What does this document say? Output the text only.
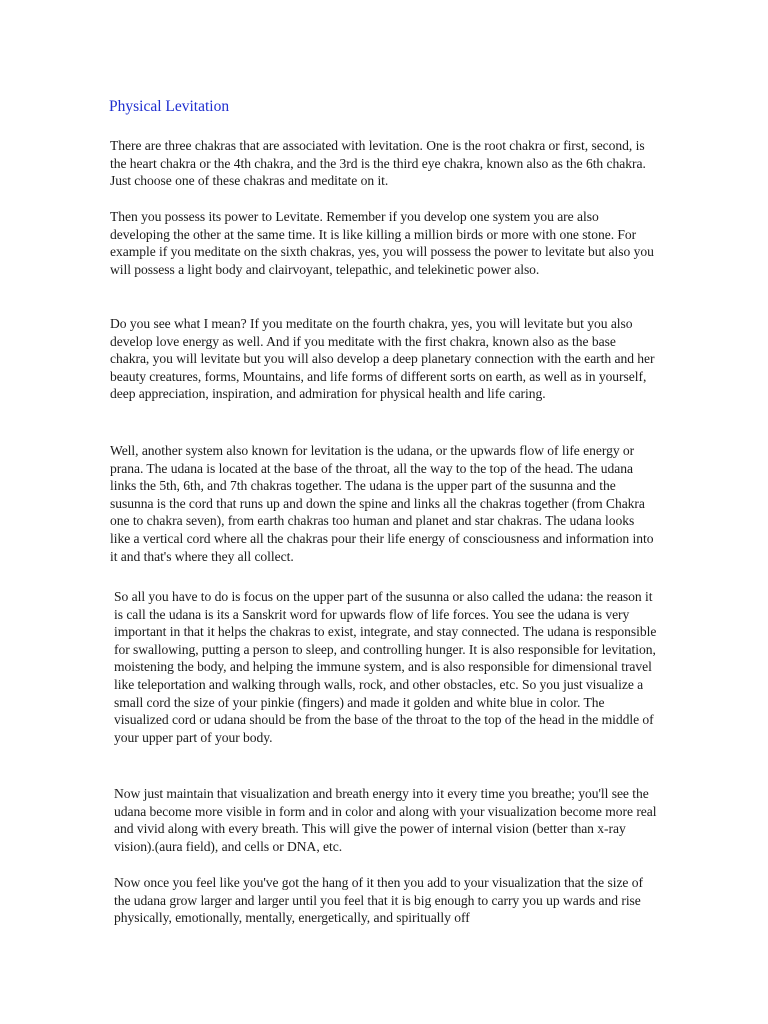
Physical Levitation

There are three chakras that are associated with levitation. One is the root chakra or first, second, is the heart chakra or the 4th chakra, and the 3rd is the third eye chakra, known also as the 6th chakra. Just choose one of these chakras and meditate on it.

Then you possess its power to Levitate. Remember if you develop one system you are also developing the other at the same time. It is like killing a million birds or more with one stone. For example if you meditate on the sixth chakras, yes, you will possess the power to levitate but also you will possess a light body and clairvoyant, telepathic, and telekinetic power also.

Do you see what I mean? If you meditate on the fourth chakra, yes, you will levitate but you also develop love energy as well. And if you meditate with the first chakra, known also as the base chakra, you will levitate but you will also develop a deep planetary connection with the earth and her beauty creatures, forms, Mountains, and life forms of different sorts on earth, as well as in yourself, deep appreciation, inspiration, and admiration for physical health and life caring.

Well, another system also known for levitation is the udana, or the upwards flow of life energy or prana. The udana is located at the base of the throat, all the way to the top of the head. The udana links the 5th, 6th, and 7th chakras together. The udana is the upper part of the susunna and the susunna is the cord that runs up and down the spine and links all the chakras together (from Chakra one to chakra seven), from earth chakras too human and planet and star chakras. The udana looks like a vertical cord where all the chakras pour their life energy of consciousness and information into it and that's where they all collect.

So all you have to do is focus on the upper part of the susunna or also called the udana: the reason it is call the udana is its a Sanskrit word for upwards flow of life forces. You see the udana is very important in that it helps the chakras to exist, integrate, and stay connected. The udana is responsible for swallowing, putting a person to sleep, and controlling hunger. It is also responsible for levitation, moistening the body, and helping the immune system, and is also responsible for dimensional travel like teleportation and walking through walls, rock, and other obstacles, etc. So you just visualize a small cord the size of your pinkie (fingers) and made it golden and white blue in color. The visualized cord or udana should be from the base of the throat to the top of the head in the middle of your upper part of your body.

Now just maintain that visualization and breath energy into it every time you breathe; you'll see the udana become more visible in form and in color and along with your visualization become more real and vivid along with every breath. This will give the power of internal vision (better than x-ray vision).(aura field), and cells or DNA, etc.

Now once you feel like you've got the hang of it then you add to your visualization that the size of the udana grow larger and larger until you feel that it is big enough to carry you up wards and rise physically, emotionally, mentally, energetically, and spiritually off
